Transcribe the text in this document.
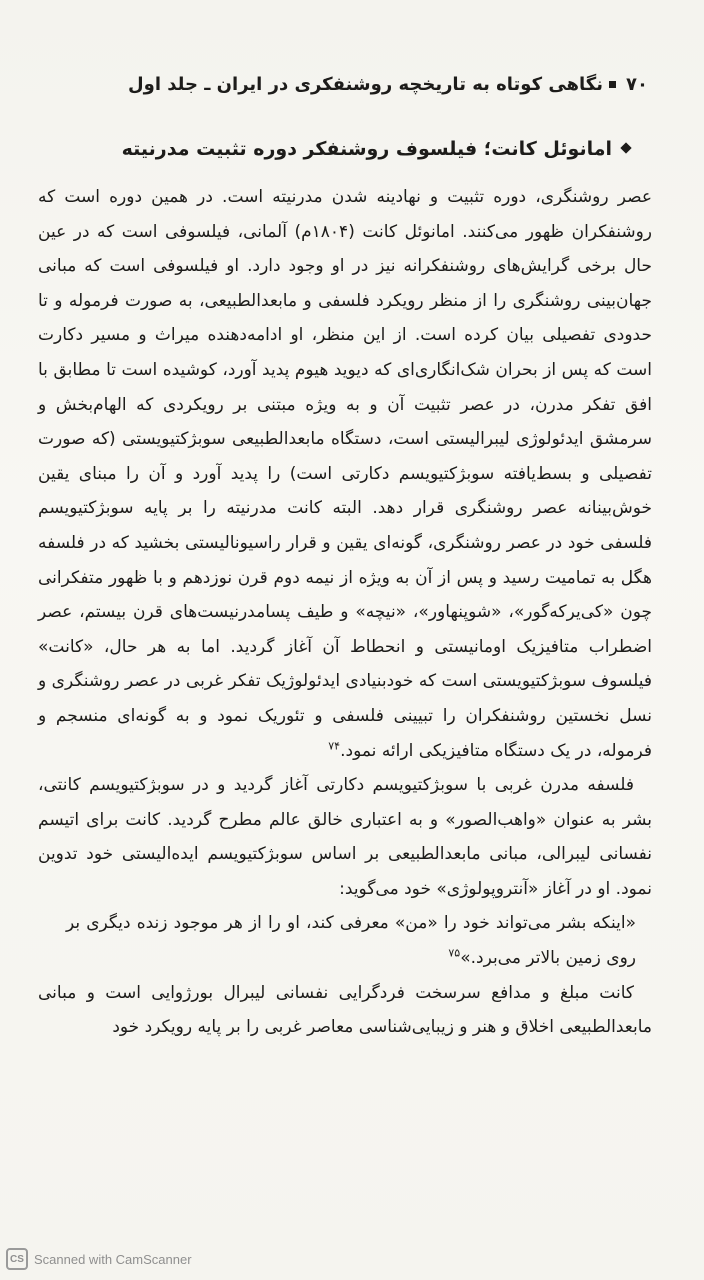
۷۰نگاهی کوتاه به تاریخچه روشنفکری در ایران ـ جلد اول
امانوئل کانت؛ فیلسوف روشنفکر دوره تثبیت مدرنیته

عصر روشنگری، دوره تثبیت و نهادینه شدن مدرنیته است. در همین دوره است که روشنفکران ظهور می‌کنند. امانوئل کانت (۱۸۰۴م) آلمانی، فیلسوفی است که در عین حال برخی گرایش‌های روشنفکرانه نیز در او وجود دارد. او فیلسوفی است که مبانی جهان‌بینی روشنگری را از منظر رویکرد فلسفی و مابعدالطبیعی، به صورت فرموله و تا حدودی تفصیلی بیان کرده است. از این منظر، او ادامه‌دهنده میراث و مسیر دکارت است که پس از بحران شک‌انگاری‌ای که دیوید هیوم پدید آورد، کوشیده است تا مطابق با افق تفکر مدرن، در عصر تثبیت آن و به ویژه مبتنی بر رویکردی که الهام‌بخش و سرمشق ایدئولوژی لیبرالیستی است، دستگاه مابعدالطبیعی سوبژکتیویستی (که صورت تفصیلی و بسط‌یافته سوبژکتیویسم دکارتی است) را پدید آورد و آن را مبنای یقین خوش‌بینانه عصر روشنگری قرار دهد. البته کانت مدرنیته را بر پایه سوبژکتیویسم فلسفی خود در عصر روشنگری، گونه‌ای یقین و قرار راسیونالیستی بخشید که در فلسفه هگل به تمامیت رسید و پس از آن به ویژه از نیمه دوم قرن نوزدهم و با ظهور متفکرانی چون «کی‌یرکه‌گور»، «شوپنهاور»، «نیچه» و طیف پسامدرنیست‌های قرن بیستم، عصر اضطراب متافیزیک اومانیستی و انحطاط آن آغاز گردید. اما به هر حال، «کانت» فیلسوف سوبژکتیویستی است که خودبنیادی ایدئولوژیک تفکر غربی در عصر روشنگری و نسل نخستین روشنفکران را تبیینی فلسفی و تئوریک نمود و به گونه‌ای منسجم و فرموله، در یک دستگاه متافیزیکی ارائه نمود.$^{۷۴}$

فلسفه مدرن غربی با سوبژکتیویسم دکارتی آغاز گردید و در سوبژکتیویسم کانتی، بشر به عنوان «واهب‌الصور» و به اعتباری خالق عالم مطرح گردید. کانت برای اتیسم نفسانی لیبرالی، مبانی مابعدالطبیعی بر اساس سوبژکتیویسم ایده‌الیستی خود تدوین نمود. او در آغاز «آنتروپولوژی» خود می‌گوید:

«اینکه بشر می‌تواند خود را «من» معرفی کند، او را از هر موجود زنده دیگری بر روی زمین بالاتر می‌برد.»$^{۷۵}$

کانت مبلغ و مدافع سرسخت فردگرایی نفسانی لیبرال بورژوایی است و مبانی مابعدالطبیعی اخلاق و هنر و زیبایی‌شناسی معاصر غربی را بر پایه رویکرد خود

CS Scanned with CamScanner
